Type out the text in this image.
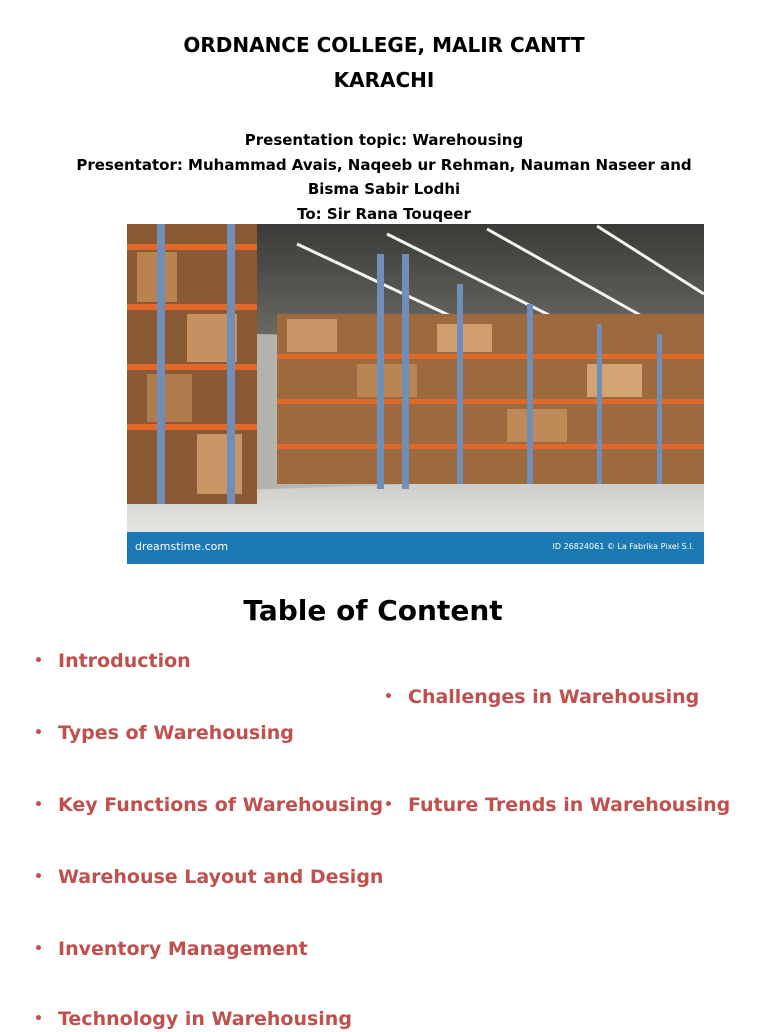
ORDNANCE COLLEGE, MALIR CANTT
KARACHI
Presentation topic: Warehousing
Presentator: Muhammad Avais, Naqeeb ur Rehman, Nauman Naseer and
Bisma Sabir Lodhi
To: Sir Rana Touqeer
dreamstime.com	ID 26824061 © La Fabrika Pixel S.l.
Table of Content
• Introduction
• Types of Warehousing
• Key Functions of Warehousing
• Warehouse Layout and Design
• Inventory Management
• Technology in Warehousing
• Challenges in Warehousing
• Future Trends in Warehousing
